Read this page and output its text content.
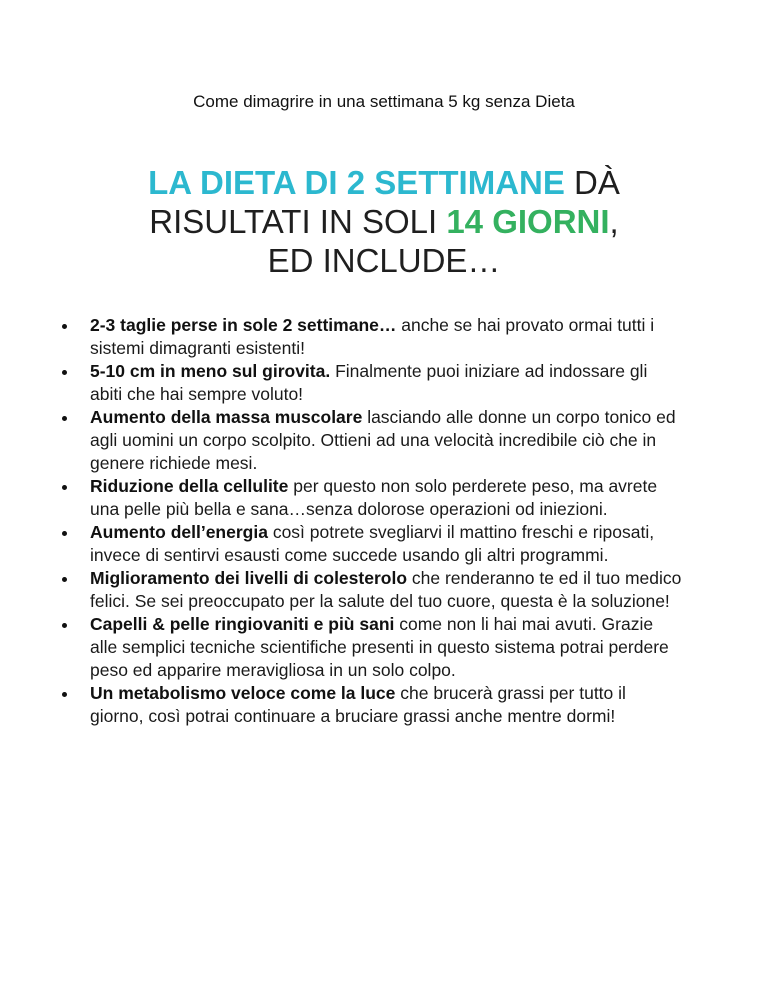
Come dimagrire in una settimana 5 kg senza Dieta
LA DIETA DI 2 SETTIMANE DÀ
RISULTATI IN SOLI 14 GIORNI,
ED INCLUDE…
2-3 taglie perse in sole 2 settimane… anche se hai provato ormai tutti i sistemi dimagranti esistenti!
5-10 cm in meno sul girovita. Finalmente puoi iniziare ad indossare gli abiti che hai sempre voluto!
Aumento della massa muscolare lasciando alle donne un corpo tonico ed agli uomini un corpo scolpito. Ottieni ad una velocità incredibile ciò che in genere richiede mesi.
Riduzione della cellulite per questo non solo perderete peso, ma avrete una pelle più bella e sana…senza dolorose operazioni od iniezioni.
Aumento dell’energia così potrete svegliarvi il mattino freschi e riposati, invece di sentirvi esausti come succede usando gli altri programmi.
Miglioramento dei livelli di colesterolo che renderanno te ed il tuo medico felici. Se sei preoccupato per la salute del tuo cuore, questa è la soluzione!
Capelli & pelle ringiovaniti e più sani come non li hai mai avuti. Grazie alle semplici tecniche scientifiche presenti in questo sistema potrai perdere peso ed apparire meravigliosa in un solo colpo.
Un metabolismo veloce come la luce che brucerà grassi per tutto il giorno, così potrai continuare a bruciare grassi anche mentre dormi!
